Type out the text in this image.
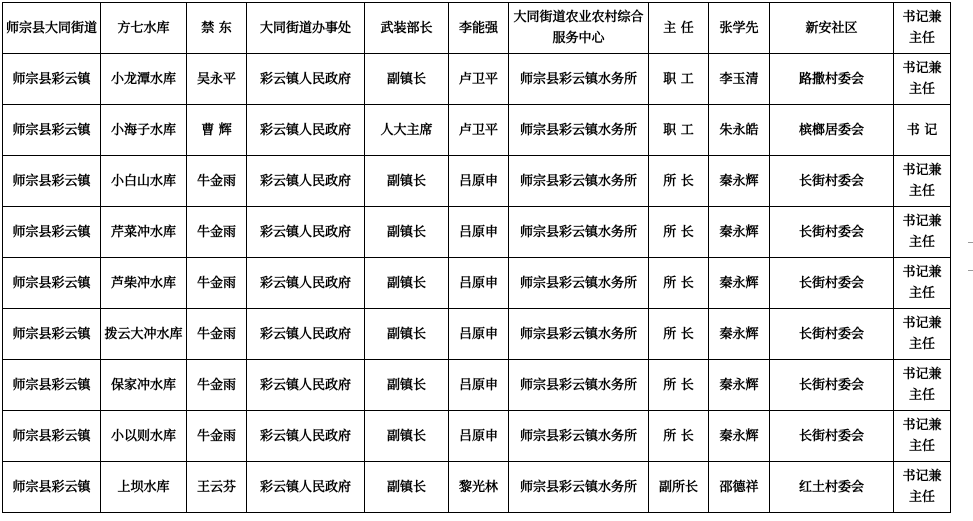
师宗县大同街道	方七水库	禁 东	大同街道办事处	武装部长	李能强	大同街道农业农村综合服务中心	主 任	张学先	新安社区	书记兼主任
师宗县彩云镇	小龙潭水库	吴永平	彩云镇人民政府	副镇长	卢卫平	师宗县彩云镇水务所	职 工	李玉清	路撒村委会	书记兼主任
师宗县彩云镇	小海子水库	曹 辉	彩云镇人民政府	人大主席	卢卫平	师宗县彩云镇水务所	职 工	朱永皓	槟榔居委会	书 记
师宗县彩云镇	小白山水库	牛金雨	彩云镇人民政府	副镇长	吕原申	师宗县彩云镇水务所	所 长	秦永辉	长街村委会	书记兼主任
师宗县彩云镇	芹菜冲水库	牛金雨	彩云镇人民政府	副镇长	吕原申	师宗县彩云镇水务所	所 长	秦永辉	长街村委会	书记兼主任
师宗县彩云镇	芦柴冲水库	牛金雨	彩云镇人民政府	副镇长	吕原申	师宗县彩云镇水务所	所 长	秦永辉	长街村委会	书记兼主任
师宗县彩云镇	拨云大冲水库	牛金雨	彩云镇人民政府	副镇长	吕原申	师宗县彩云镇水务所	所 长	秦永辉	长街村委会	书记兼主任
师宗县彩云镇	保家冲水库	牛金雨	彩云镇人民政府	副镇长	吕原申	师宗县彩云镇水务所	所 长	秦永辉	长街村委会	书记兼主任
师宗县彩云镇	小以则水库	牛金雨	彩云镇人民政府	副镇长	吕原申	师宗县彩云镇水务所	所 长	秦永辉	长街村委会	书记兼主任
师宗县彩云镇	上坝水库	王云芬	彩云镇人民政府	副镇长	黎光林	师宗县彩云镇水务所	副所长	邵德祥	红土村委会	书记兼主任
